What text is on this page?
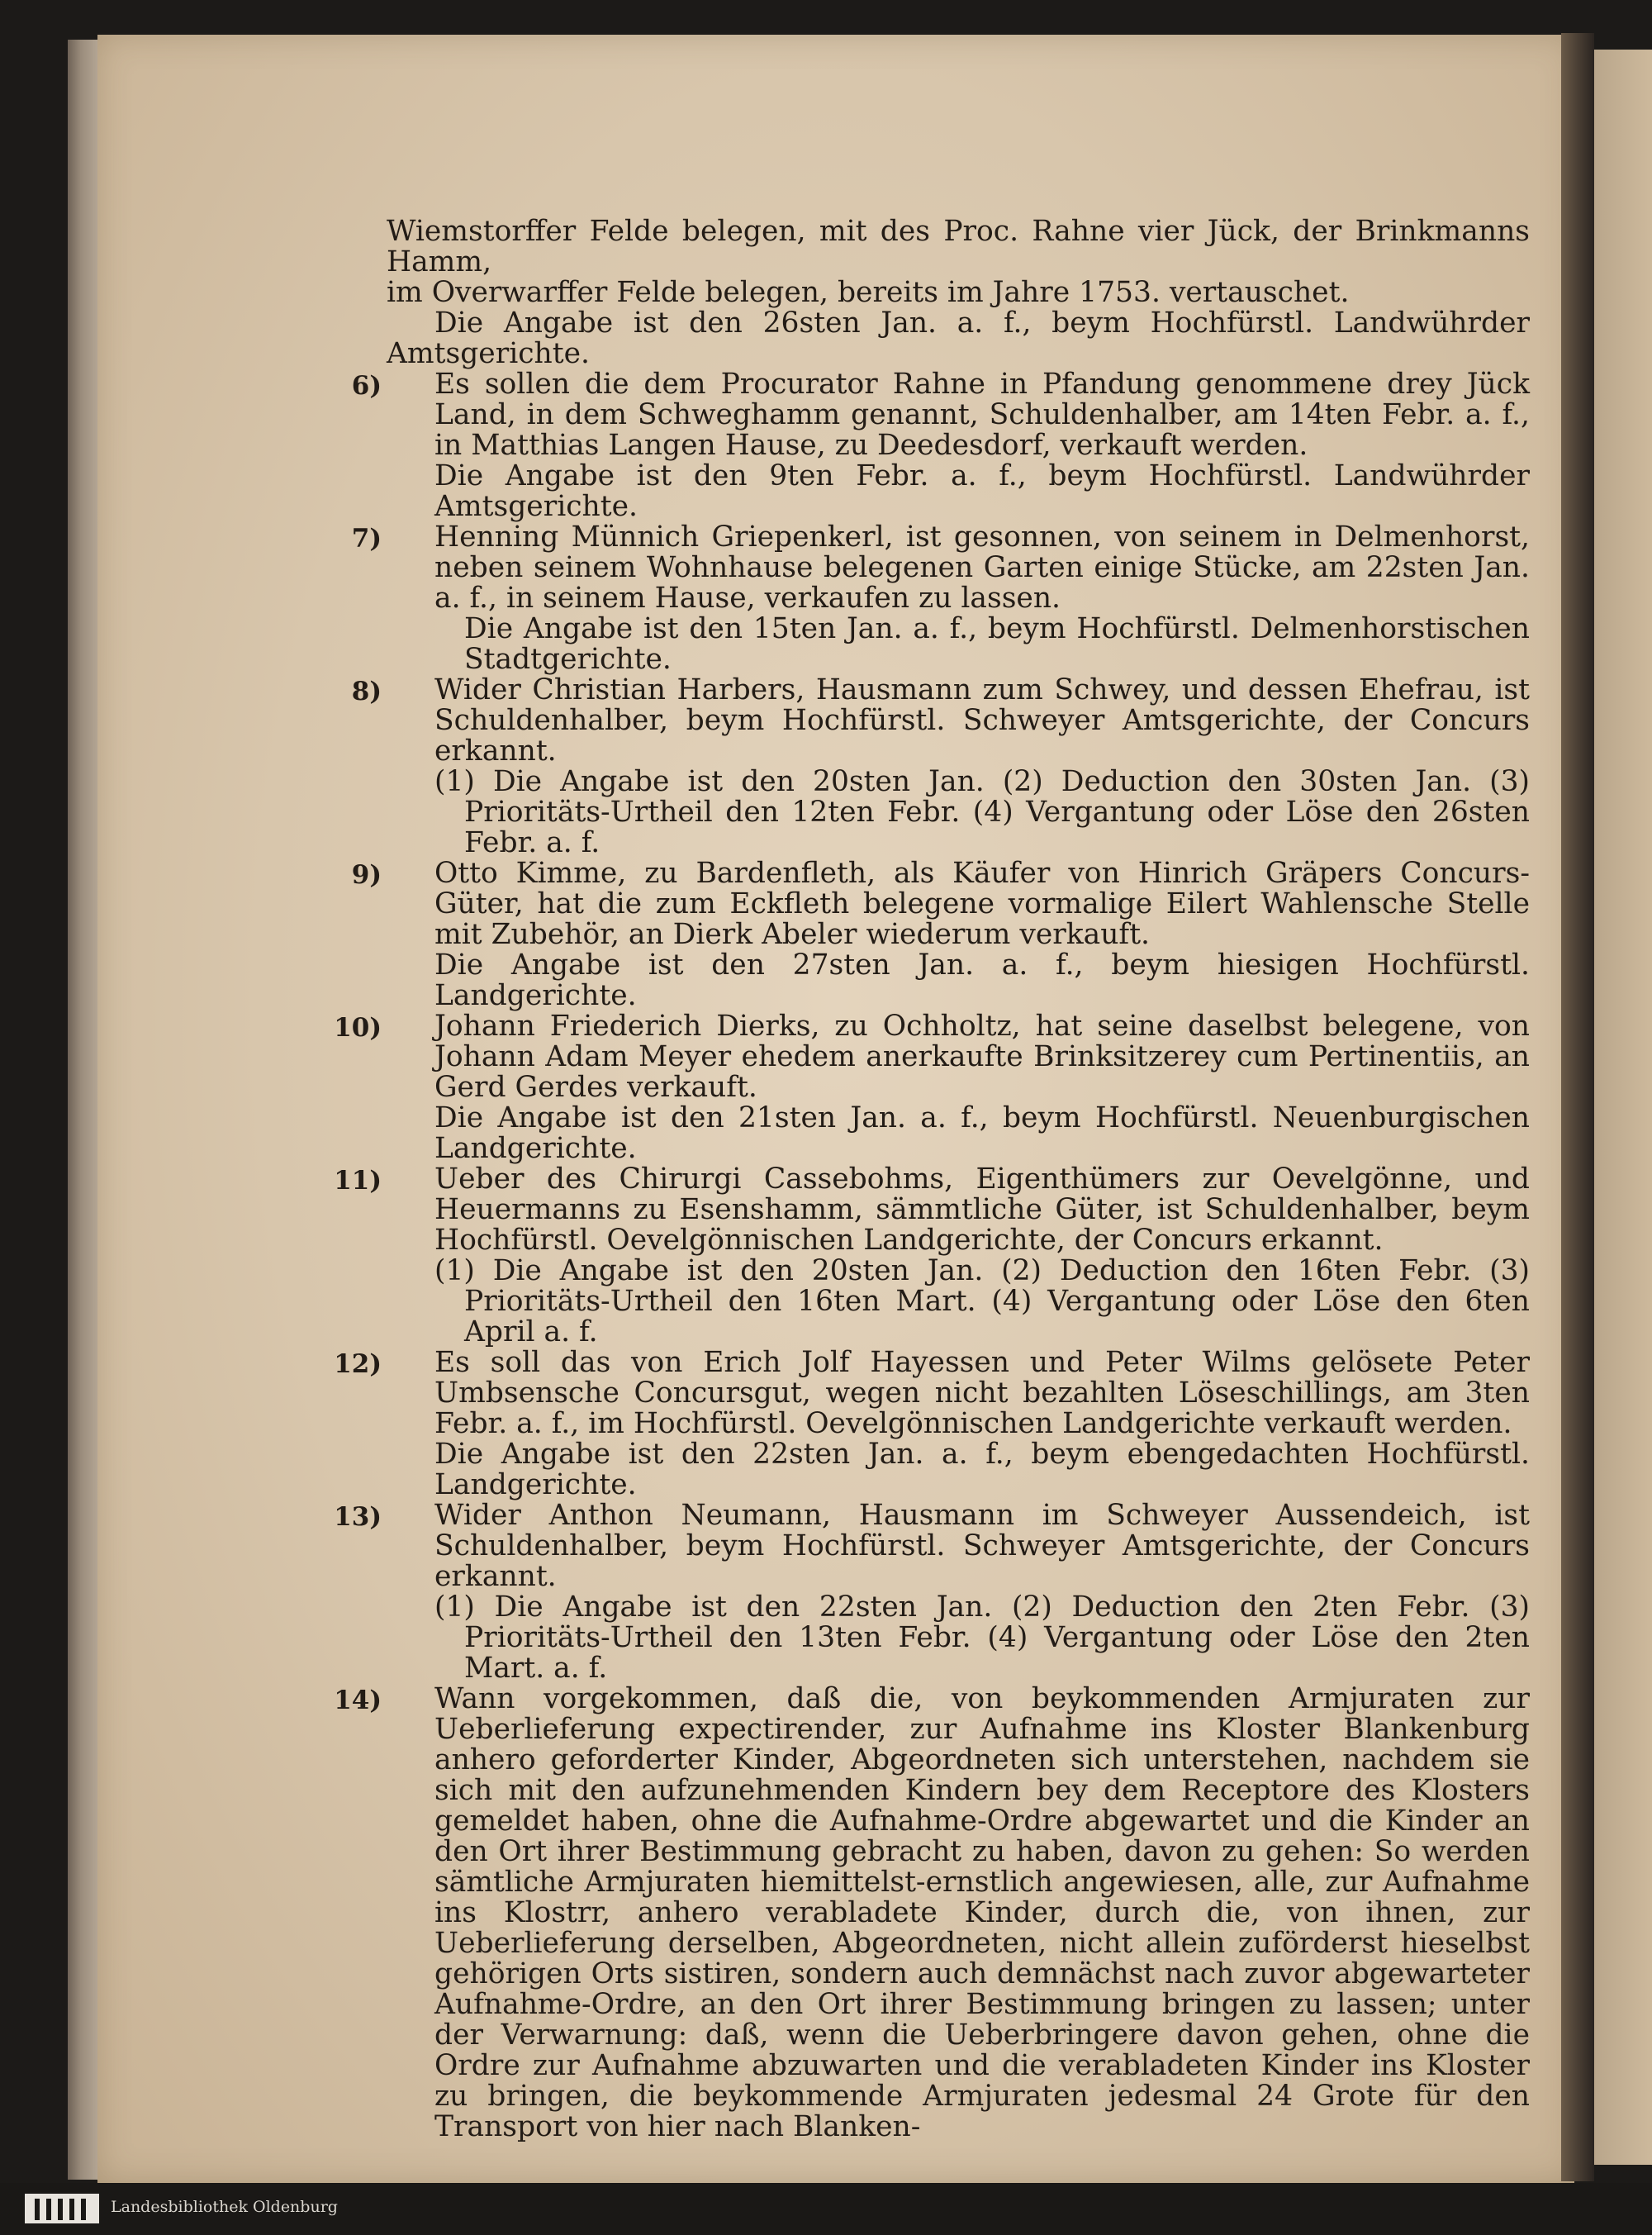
Wiemstorffer Felde belegen, mit des Proc. Rahne vier Jück, der Brinkmanns Hamm,

im Overwarffer Felde belegen, bereits im Jahre 1753. vertauschet.

Die Angabe ist den 26sten Jan. a. f., beym Hochfürstl. Landwührder Amtsgerichte.

6) Es sollen die dem Procurator Rahne in Pfandung genommene drey Jück Land, in dem Schweghamm genannt, Schuldenhalber, am 14ten Febr. a. f., in Matthias Langen Hause, zu Deedesdorf, verkauft werden.

Die Angabe ist den 9ten Febr. a. f., beym Hochfürstl. Landwührder Amtsgerichte.

7) Henning Münnich Griepenkerl, ist gesonnen, von seinem in Delmenhorst, neben seinem Wohnhause belegenen Garten einige Stücke, am 22sten Jan. a. f., in seinem Hause, verkaufen zu lassen.

Die Angabe ist den 15ten Jan. a. f., beym Hochfürstl. Delmenhorstischen Stadtgerichte.

8) Wider Christian Harbers, Hausmann zum Schwey, und dessen Ehefrau, ist Schuldenhalber, beym Hochfürstl. Schweyer Amtsgerichte, der Concurs erkannt.

(1) Die Angabe ist den 20sten Jan. (2) Deduction den 30sten Jan. (3) Prioritäts-Urtheil den 12ten Febr. (4) Vergantung oder Löse den 26sten Febr. a. f.

9) Otto Kimme, zu Bardenfleth, als Käufer von Hinrich Gräpers Concurs-Güter, hat die zum Eckfleth belegene vormalige Eilert Wahlensche Stelle mit Zubehör, an Dierk Abeler wiederum verkauft.

Die Angabe ist den 27sten Jan. a. f., beym hiesigen Hochfürstl. Landgerichte.

10) Johann Friederich Dierks, zu Ochholtz, hat seine daselbst belegene, von Johann Adam Meyer ehedem anerkaufte Brinksitzerey cum Pertinentiis, an Gerd Gerdes verkauft.

Die Angabe ist den 21sten Jan. a. f., beym Hochfürstl. Neuenburgischen Landgerichte.

11) Ueber des Chirurgi Cassebohms, Eigenthümers zur Oevelgönne, und Heuermanns zu Esenshamm, sämmtliche Güter, ist Schuldenhalber, beym Hochfürstl. Oevelgönnischen Landgerichte, der Concurs erkannt.

(1) Die Angabe ist den 20sten Jan. (2) Deduction den 16ten Febr. (3) Prioritäts-Urtheil den 16ten Mart. (4) Vergantung oder Löse den 6ten April a. f.

12) Es soll das von Erich Jolf Hayessen und Peter Wilms gelösete Peter Umbsensche Concursgut, wegen nicht bezahlten Löseschillings, am 3ten Febr. a. f., im Hochfürstl. Oevelgönnischen Landgerichte verkauft werden.

Die Angabe ist den 22sten Jan. a. f., beym ebengedachten Hochfürstl. Landgerichte.

13) Wider Anthon Neumann, Hausmann im Schweyer Aussendeich, ist Schuldenhalber, beym Hochfürstl. Schweyer Amtsgerichte, der Concurs erkannt.

(1) Die Angabe ist den 22sten Jan. (2) Deduction den 2ten Febr. (3) Prioritäts-Urtheil den 13ten Febr. (4) Vergantung oder Löse den 2ten Mart. a. f.

14) Wann vorgekommen, daß die, von beykommenden Armjuraten zur Ueberlieferung expectirender, zur Aufnahme ins Kloster Blankenburg anhero geforderter Kinder, Abgeordneten sich unterstehen, nachdem sie sich mit den aufzunehmenden Kindern bey dem Receptore des Klosters gemeldet haben, ohne die Aufnahme-Ordre abgewartet und die Kinder an den Ort ihrer Bestimmung gebracht zu haben, davon zu gehen: So werden sämtliche Armjuraten hiemittelst-ernstlich angewiesen, alle, zur Aufnahme ins Klostrr, anhero verabladete Kinder, durch die, von ihnen, zur Ueberlieferung derselben, Abgeordneten, nicht allein zuförderst hieselbst gehörigen Orts sistiren, sondern auch demnächst nach zuvor abgewarteter Aufnahme-Ordre, an den Ort ihrer Bestimmung bringen zu lassen; unter der Verwarnung: daß, wenn die Ueberbringere davon gehen, ohne die Ordre zur Aufnahme abzuwarten und die verabladeten Kinder ins Kloster zu bringen, die beykommende Armjuraten jedesmal 24 Grote für den Transport von hier nach Blanken-

Landesbibliothek Oldenburg
